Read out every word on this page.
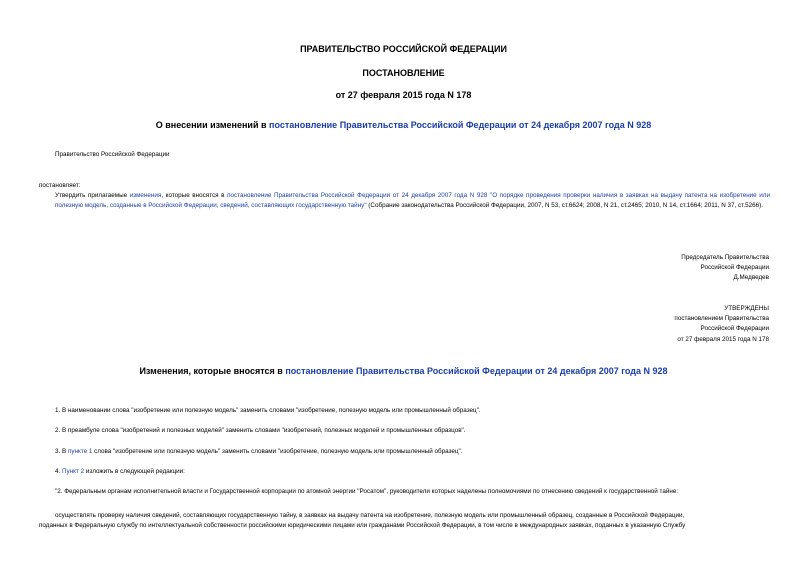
ПРАВИТЕЛЬСТВО РОССИЙСКОЙ ФЕДЕРАЦИИ
ПОСТАНОВЛЕНИЕ
от 27 февраля 2015 года N 178
О внесении изменений в постановление Правительства Российской Федерации от 24 декабря 2007 года N 928
Правительство Российской Федерации
постановляет:
Утвердить прилагаемые изменения, которые вносятся в постановление Правительства Российской Федерации от 24 декабря 2007 года N 928 "О порядке проведения проверки наличия в заявках на выдачу патента на изобретение или полезную модель, созданные в Российской Федерации, сведений, составляющих государственную тайну" (Собрание законодательства Российской Федерации, 2007, N 53, ст.6624; 2008, N 21, ст.2465; 2010, N 14, ст.1664; 2011, N 37, ст.5266).
Председатель Правительства
Российской Федерации
Д.Медведев
УТВЕРЖДЕНЫ
постановлением Правительства
Российской Федерации
от 27 февраля 2015 года N 178
Изменения, которые вносятся в постановление Правительства Российской Федерации от 24 декабря 2007 года N 928
1. В наименовании слова "изобретение или полезную модель" заменить словами "изобретение, полезную модель или промышленный образец".
2. В преамбуле слова "изобретений и полезных моделей" заменить словами "изобретений, полезных моделей и промышленных образцов".
3. В пункте 1 слова "изобретение или полезную модель" заменить словами "изобретение, полезную модель или промышленный образец".
4. Пункт 2 изложить в следующей редакции:
"2. Федеральным органам исполнительной власти и Государственной корпорации по атомной энергии "Росатом", руководители которых наделены полномочиями по отнесению сведений к государственной тайне:
осуществлять проверку наличия сведений, составляющих государственную тайну, в заявках на выдачу патента на изобретение, полезную модель или промышленный образец, созданные в Российской Федерации,
поданных в Федеральную службу по интеллектуальной собственности российскими юридическими лицами или гражданами Российской Федерации, в том числе в международных заявках, поданных в указанную Службу
